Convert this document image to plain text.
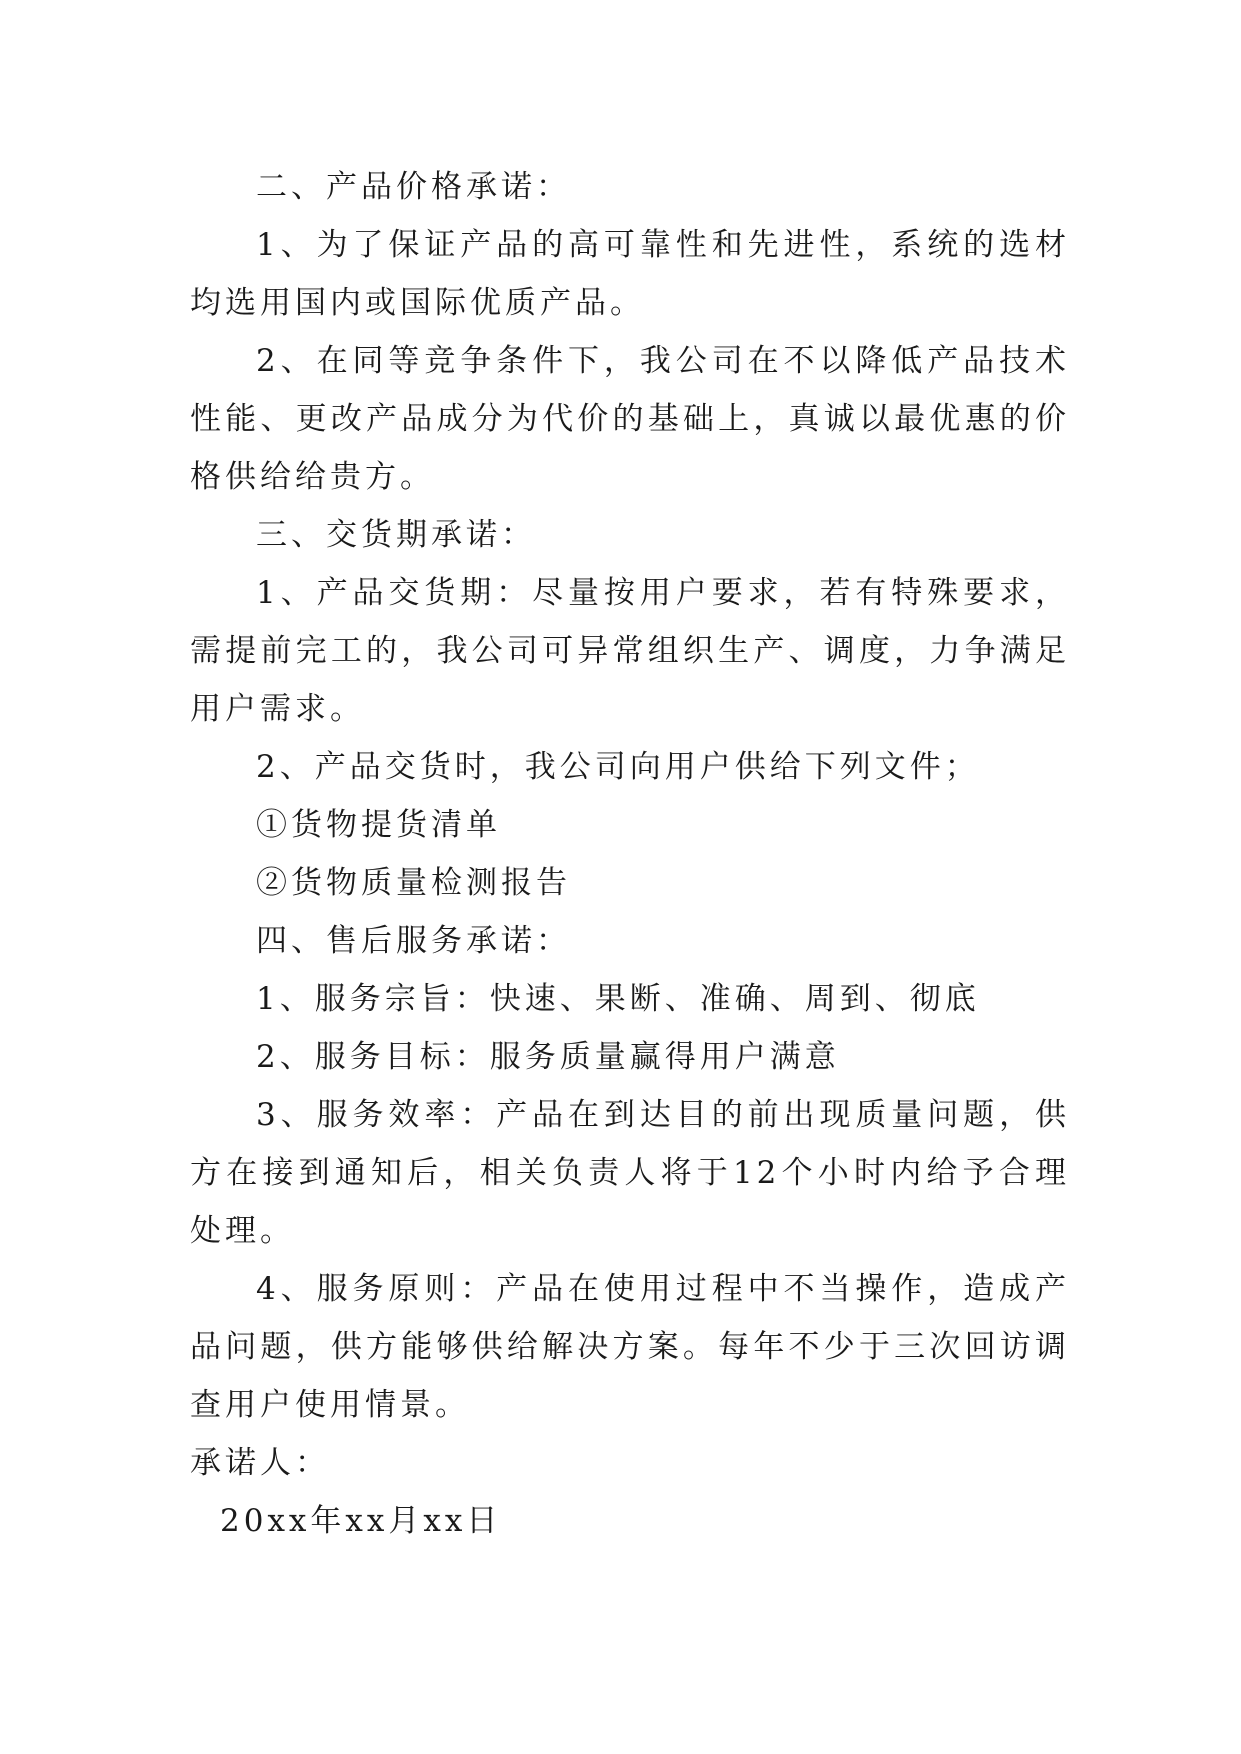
二、产品价格承诺：

1、为了保证产品的高可靠性和先进性，系统的选材均选用国内或国际优质产品。

2、在同等竞争条件下，我公司在不以降低产品技术性能、更改产品成分为代价的基础上，真诚以最优惠的价格供给给贵方。

三、交货期承诺：

1、产品交货期：尽量按用户要求，若有特殊要求，需提前完工的，我公司可异常组织生产、调度，力争满足用户需求。

2、产品交货时，我公司向用户供给下列文件；

①货物提货清单

②货物质量检测报告

四、售后服务承诺：

1、服务宗旨：快速、果断、准确、周到、彻底

2、服务目标：服务质量赢得用户满意

3、服务效率：产品在到达目的前出现质量问题，供方在接到通知后，相关负责人将于12个小时内给予合理处理。

4、服务原则：产品在使用过程中不当操作，造成产品问题，供方能够供给解决方案。每年不少于三次回访调查用户使用情景。

承诺人：

20xx年xx月xx日
